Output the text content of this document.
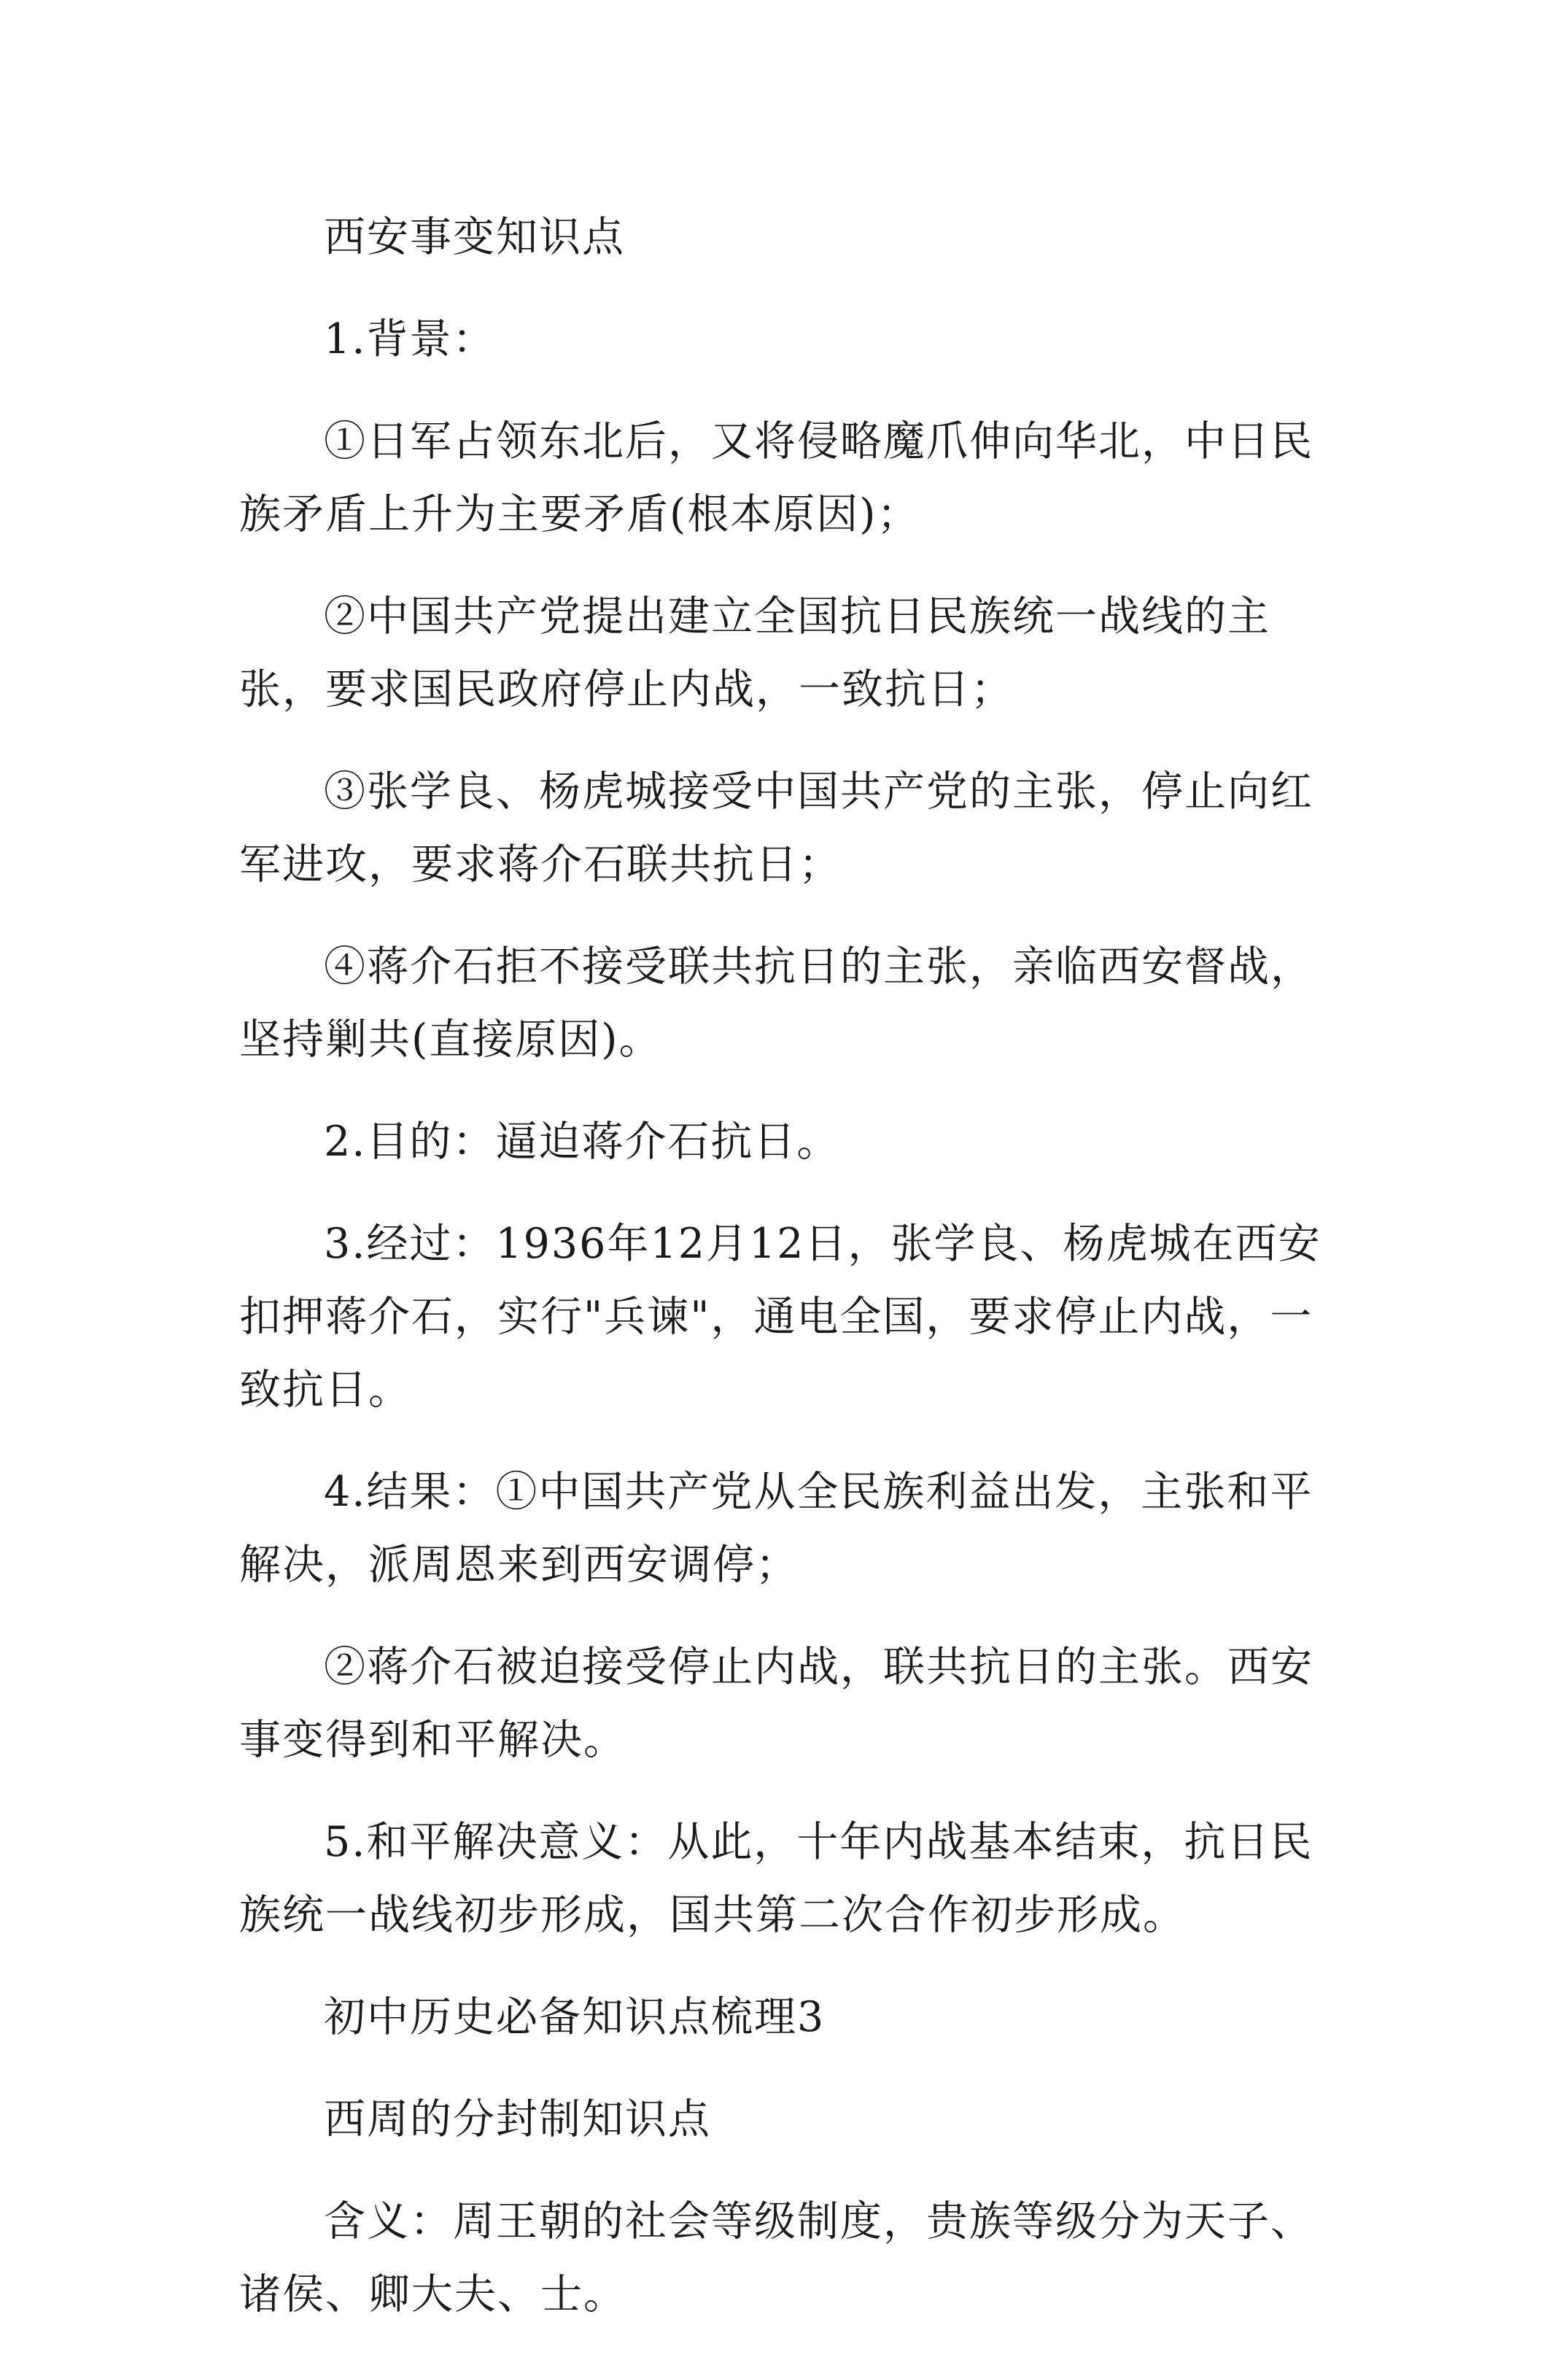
西安事变知识点

1.背景：

①日军占领东北后，又将侵略魔爪伸向华北，中日民族矛盾上升为主要矛盾(根本原因)；

②中国共产党提出建立全国抗日民族统一战线的主张，要求国民政府停止内战，一致抗日；

③张学良、杨虎城接受中国共产党的主张，停止向红军进攻，要求蒋介石联共抗日；

④蒋介石拒不接受联共抗日的主张，亲临西安督战，坚持剿共(直接原因)。

2.目的：逼迫蒋介石抗日。

3.经过：1936年12月12日，张学良、杨虎城在西安扣押蒋介石，实行"兵谏"，通电全国，要求停止内战，一致抗日。

4.结果：①中国共产党从全民族利益出发，主张和平解决，派周恩来到西安调停；

②蒋介石被迫接受停止内战，联共抗日的主张。西安事变得到和平解决。

5.和平解决意义：从此，十年内战基本结束，抗日民族统一战线初步形成，国共第二次合作初步形成。

初中历史必备知识点梳理3

西周的分封制知识点

含义：周王朝的社会等级制度，贵族等级分为天子、诸侯、卿大夫、士。
